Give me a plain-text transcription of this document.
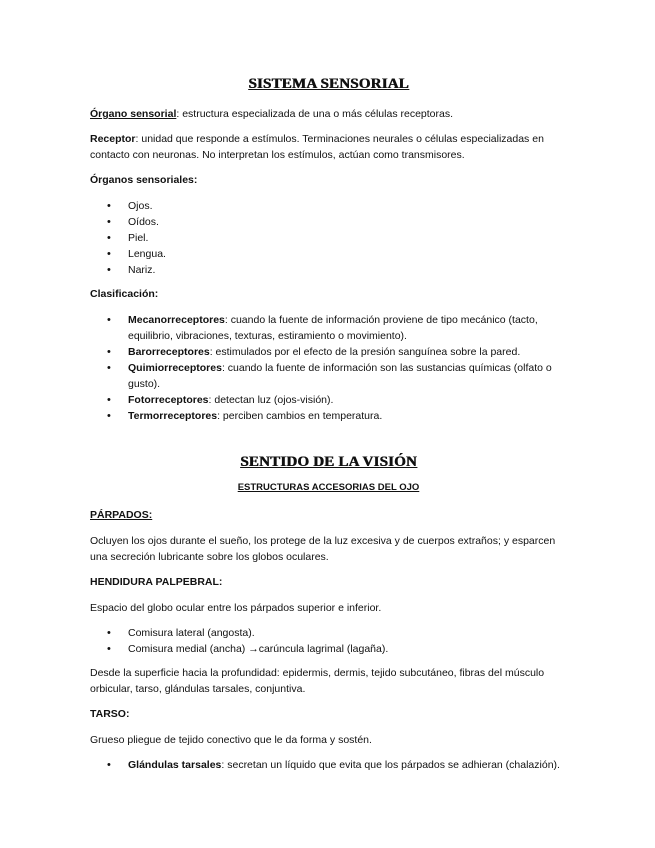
SISTEMA SENSORIAL

Órgano sensorial: estructura especializada de una o más células receptoras.

Receptor: unidad que responde a estímulos. Terminaciones neurales o células especializadas en contacto con neuronas. No interpretan los estímulos, actúan como transmisores.

Órganos sensoriales:

• Ojos.
• Oídos.
• Piel.
• Lengua.
• Nariz.

Clasificación:

• Mecanorreceptores: cuando la fuente de información proviene de tipo mecánico (tacto, equilibrio, vibraciones, texturas, estiramiento o movimiento).
• Barorreceptores: estimulados por el efecto de la presión sanguínea sobre la pared.
• Quimiorreceptores: cuando la fuente de información son las sustancias químicas (olfato o gusto).
• Fotorreceptores: detectan luz (ojos-visión).
• Termorreceptores: perciben cambios en temperatura.
SENTIDO DE LA VISIÓN
ESTRUCTURAS ACCESORIAS DEL OJO

PÁRPADOS:

Ocluyen los ojos durante el sueño, los protege de la luz excesiva y de cuerpos extraños; y esparcen una secreción lubricante sobre los globos oculares.

HENDIDURA PALPEBRAL:

Espacio del globo ocular entre los párpados superior e inferior.

• Comisura lateral (angosta).
• Comisura medial (ancha) →carúncula lagrimal (lagaña).

Desde la superficie hacia la profundidad: epidermis, dermis, tejido subcutáneo, fibras del músculo orbicular, tarso, glándulas tarsales, conjuntiva.

TARSO:

Grueso pliegue de tejido conectivo que le da forma y sostén.

• Glándulas tarsales: secretan un líquido que evita que los párpados se adhieran (chalazión).
